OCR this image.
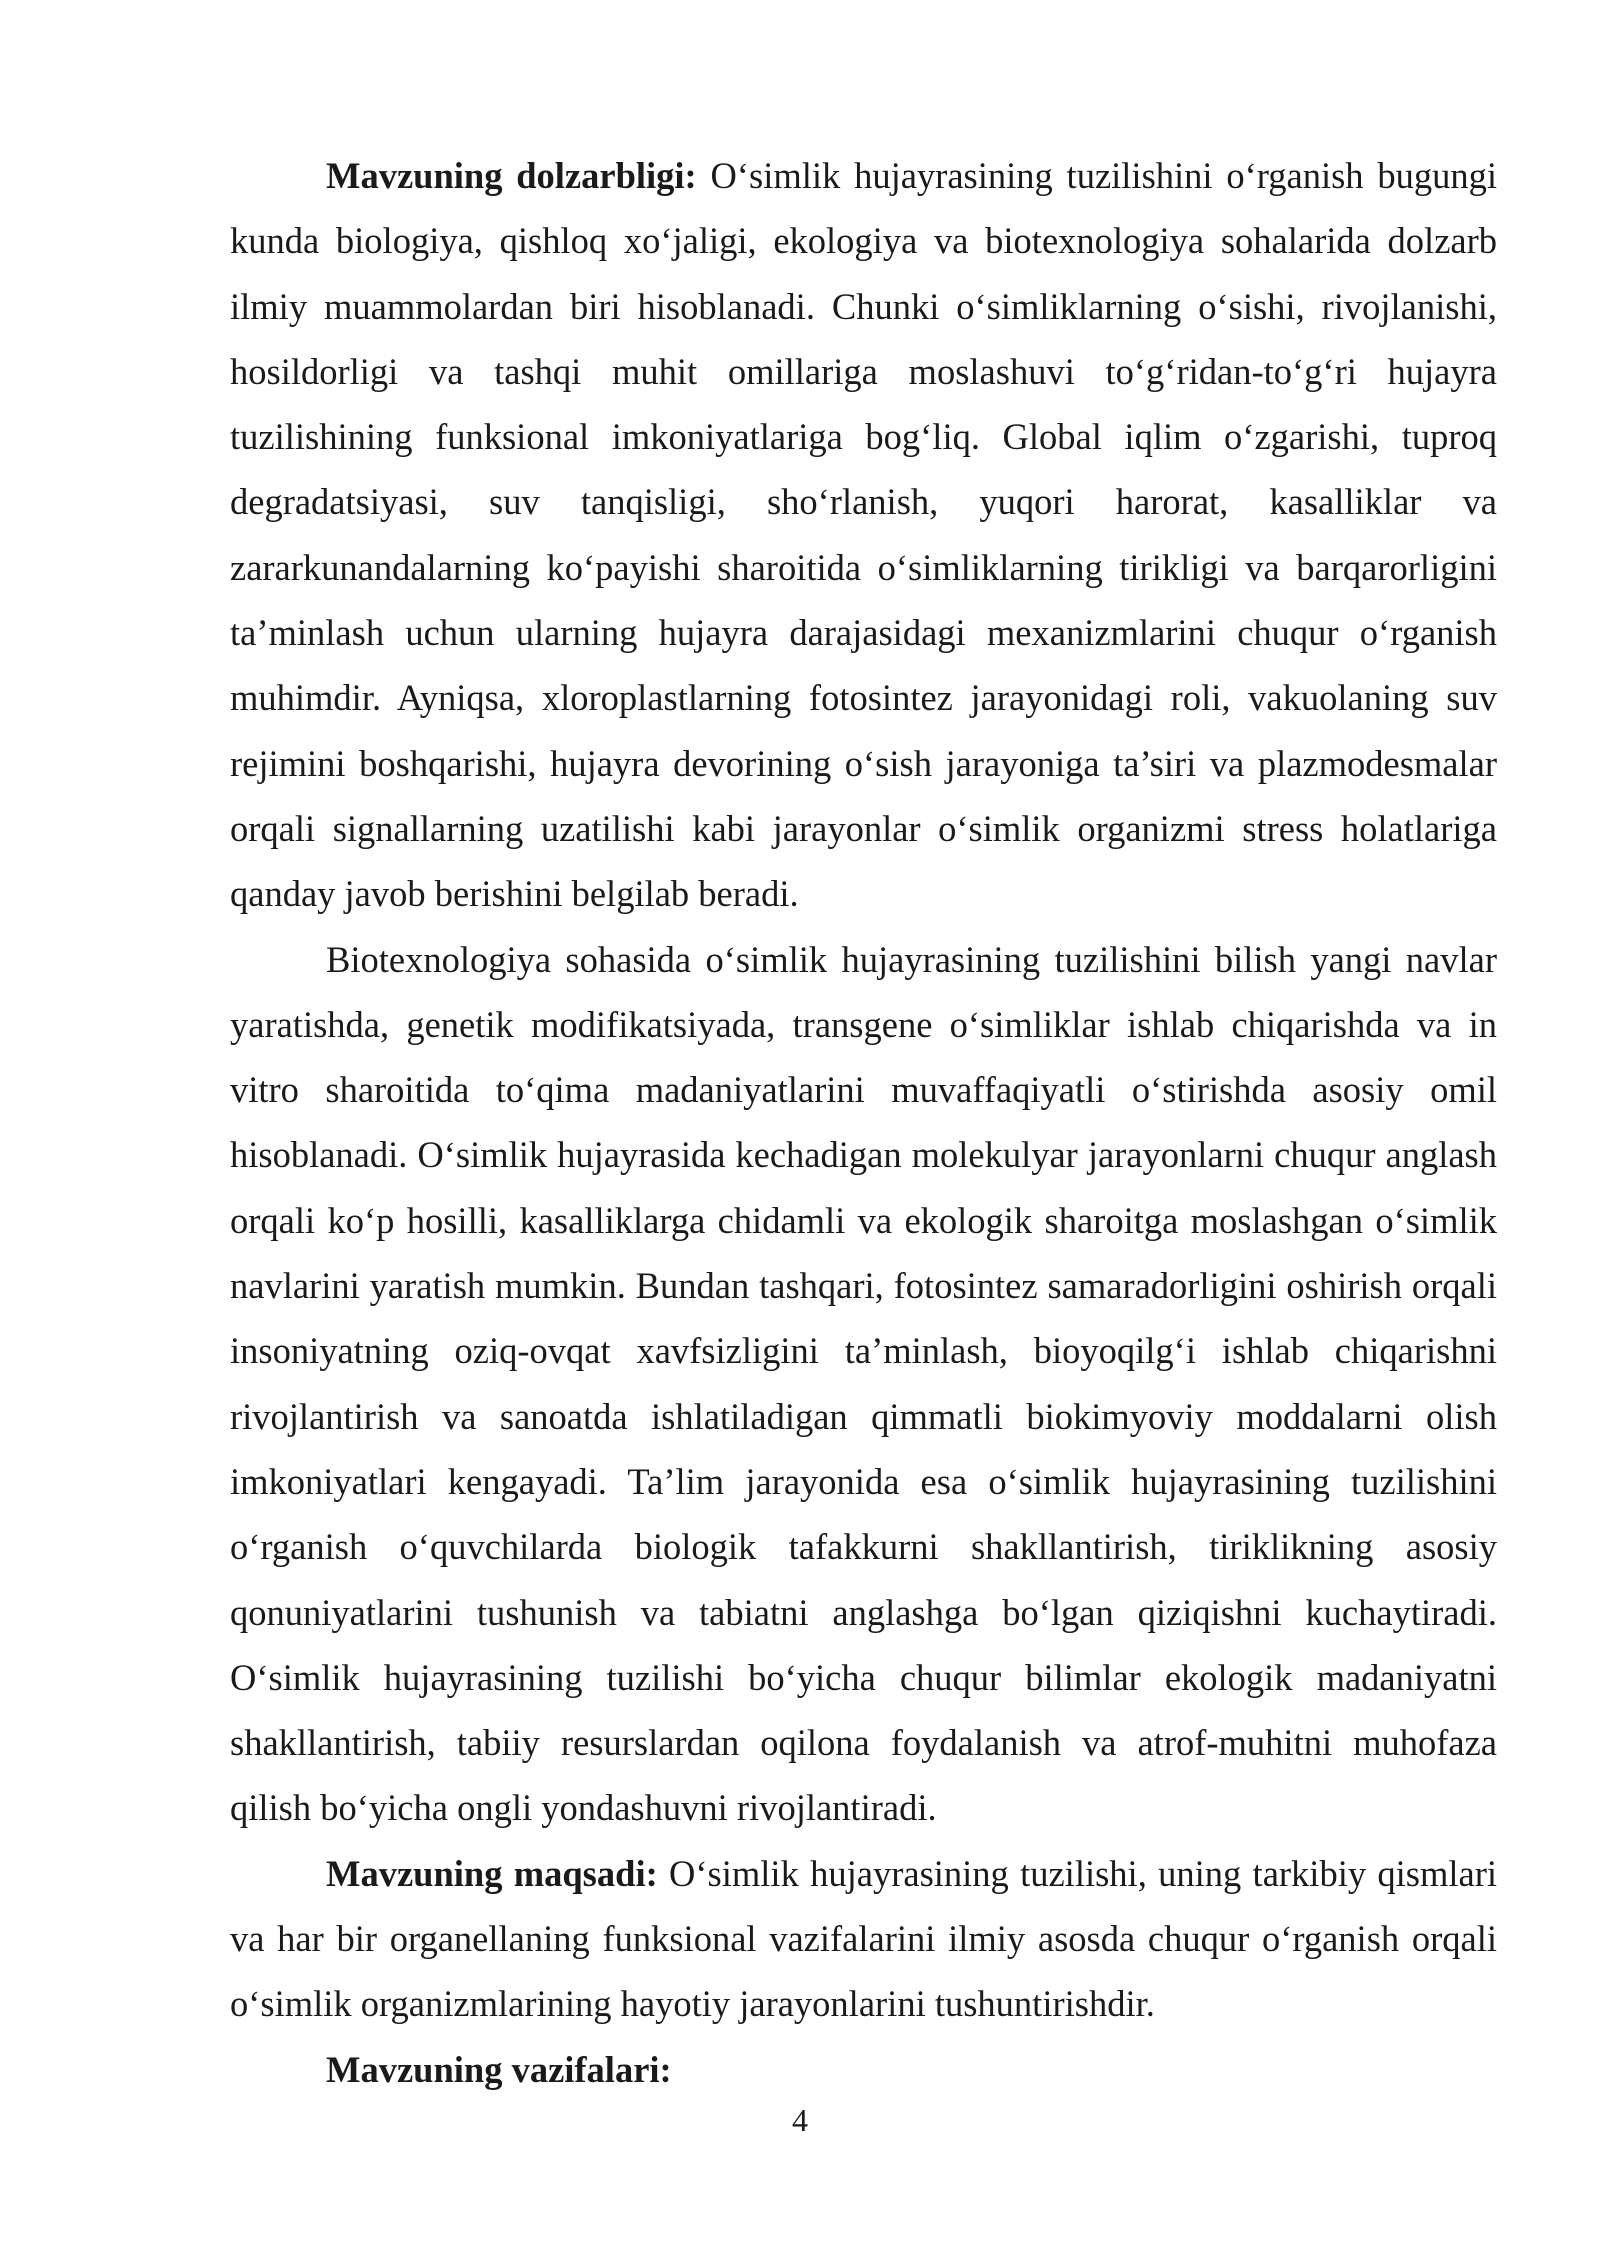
Mavzuning dolzarbligi: O‘simlik hujayrasining tuzilishini o‘rganish bugungi kunda biologiya, qishloq xo‘jaligi, ekologiya va biotexnologiya sohalarida dolzarb ilmiy muammolardan biri hisoblanadi. Chunki o‘simliklarning o‘sishi, rivojlanishi, hosildorligi va tashqi muhit omillariga moslashuvi to‘g‘ridan-to‘g‘ri hujayra tuzilishining funksional imkoniyatlariga bog‘liq. Global iqlim o‘zgarishi, tuproq degradatsiyasi, suv tanqisligi, sho‘rlanish, yuqori harorat, kasalliklar va zararkunandalarning ko‘payishi sharoitida o‘simliklarning tirikligi va barqarorligini ta’minlash uchun ularning hujayra darajasidagi mexanizmlarini chuqur o‘rganish muhimdir. Ayniqsa, xloroplastlarning fotosintez jarayonidagi roli, vakuolaning suv rejimini boshqarishi, hujayra devorining o‘sish jarayoniga ta’siri va plazmodesmalar orqali signallarning uzatilishi kabi jarayonlar o‘simlik organizmi stress holatlariga qanday javob berishini belgilab beradi.

Biotexnologiya sohasida o‘simlik hujayrasining tuzilishini bilish yangi navlar yaratishda, genetik modifikatsiyada, transgene o‘simliklar ishlab chiqarishda va in vitro sharoitida to‘qima madaniyatlarini muvaffaqiyatli o‘stirishda asosiy omil hisoblanadi. O‘simlik hujayrasida kechadigan molekulyar jarayonlarni chuqur anglash orqali ko‘p hosilli, kasalliklarga chidamli va ekologik sharoitga moslashgan o‘simlik navlarini yaratish mumkin. Bundan tashqari, fotosintez samaradorligini oshirish orqali insoniyatning oziq-ovqat xavfsizligini ta’minlash, bioyoqilg‘i ishlab chiqarishni rivojlantirish va sanoatda ishlatiladigan qimmatli biokimyoviy moddalarni olish imkoniyatlari kengayadi. Ta’lim jarayonida esa o‘simlik hujayrasining tuzilishini o‘rganish o‘quvchilarda biologik tafakkurni shakllantirish, tiriklikning asosiy qonuniyatlarini tushunish va tabiatni anglashga bo‘lgan qiziqishni kuchaytiradi. O‘simlik hujayrasining tuzilishi bo‘yicha chuqur bilimlar ekologik madaniyatni shakllantirish, tabiiy resurslardan oqilona foydalanish va atrof-muhitni muhofaza qilish bo‘yicha ongli yondashuvni rivojlantiradi.

Mavzuning maqsadi: O‘simlik hujayrasining tuzilishi, uning tarkibiy qismlari va har bir organellaning funksional vazifalarini ilmiy asosda chuqur o‘rganish orqali o‘simlik organizmlarining hayotiy jarayonlarini tushuntirishdir.

Mavzuning vazifalari:

4
